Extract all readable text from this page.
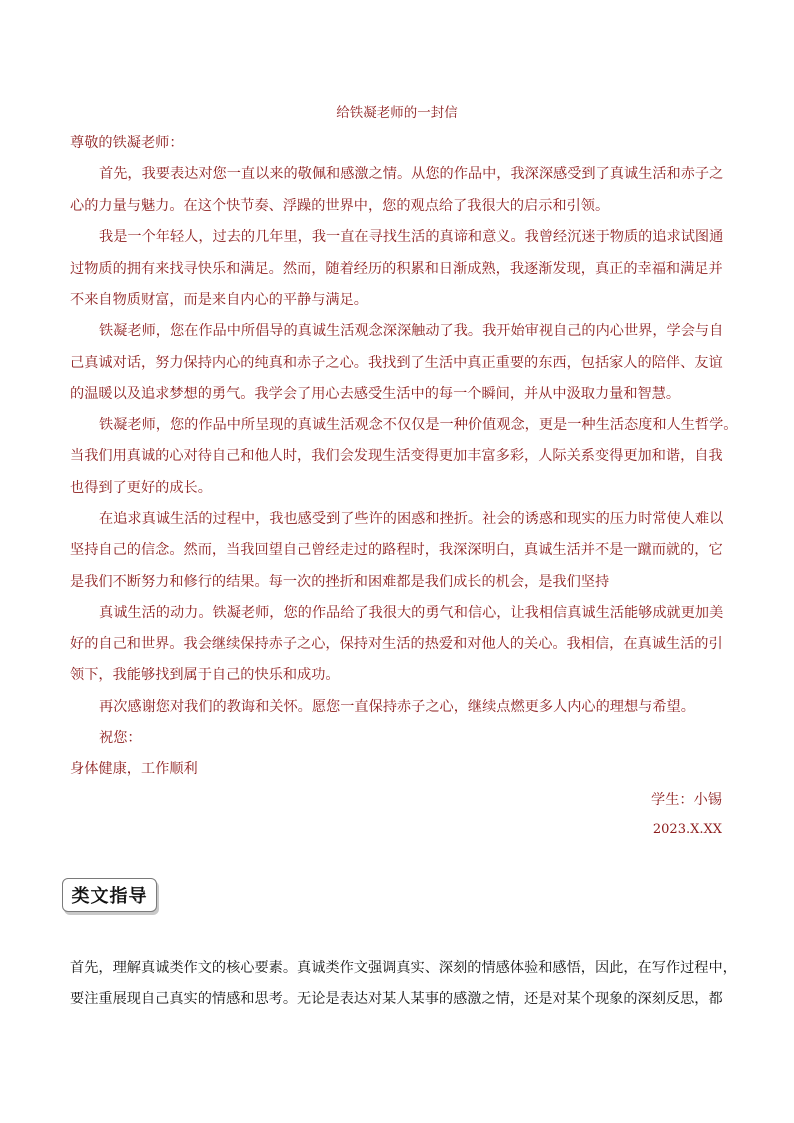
给铁凝老师的一封信
尊敬的铁凝老师：
首先，我要表达对您一直以来的敬佩和感激之情。从您的作品中，我深深感受到了真诚生活和赤子之
心的力量与魅力。在这个快节奏、浮躁的世界中，您的观点给了我很大的启示和引领。
我是一个年轻人，过去的几年里，我一直在寻找生活的真谛和意义。我曾经沉迷于物质的追求试图通
过物质的拥有来找寻快乐和满足。然而，随着经历的积累和日渐成熟，我逐渐发现，真正的幸福和满足并
不来自物质财富，而是来自内心的平静与满足。
铁凝老师，您在作品中所倡导的真诚生活观念深深触动了我。我开始审视自己的内心世界，学会与自
己真诚对话，努力保持内心的纯真和赤子之心。我找到了生活中真正重要的东西，包括家人的陪伴、友谊
的温暖以及追求梦想的勇气。我学会了用心去感受生活中的每一个瞬间，并从中汲取力量和智慧。
铁凝老师，您的作品中所呈现的真诚生活观念不仅仅是一种价值观念，更是一种生活态度和人生哲学。
当我们用真诚的心对待自己和他人时，我们会发现生活变得更加丰富多彩，人际关系变得更加和谐，自我
也得到了更好的成长。
在追求真诚生活的过程中，我也感受到了些许的困惑和挫折。社会的诱惑和现实的压力时常使人难以
坚持自己的信念。然而，当我回望自己曾经走过的路程时，我深深明白，真诚生活并不是一蹴而就的，它
是我们不断努力和修行的结果。每一次的挫折和困难都是我们成长的机会，是我们坚持
真诚生活的动力。铁凝老师，您的作品给了我很大的勇气和信心，让我相信真诚生活能够成就更加美
好的自己和世界。我会继续保持赤子之心，保持对生活的热爱和对他人的关心。我相信，在真诚生活的引
领下，我能够找到属于自己的快乐和成功。
再次感谢您对我们的教诲和关怀。愿您一直保持赤子之心，继续点燃更多人内心的理想与希望。
祝您：
身体健康，工作顺利
学生：小锡
2023.X.XX
类文指导
首先，理解真诚类作文的核心要素。真诚类作文强调真实、深刻的情感体验和感悟，因此，在写作过程中，
要注重展现自己真实的情感和思考。无论是表达对某人某事的感激之情，还是对某个现象的深刻反思，都
